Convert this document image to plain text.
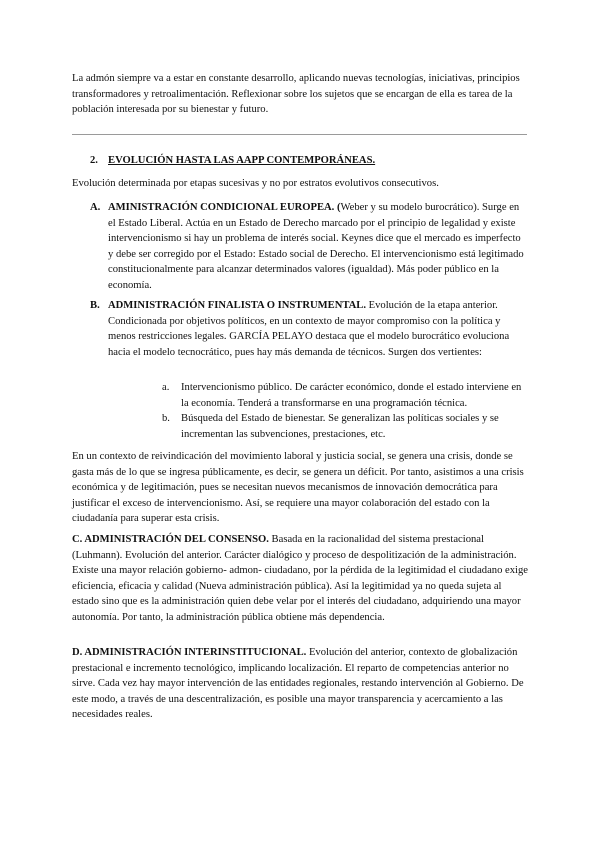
La admón siempre va a estar en constante desarrollo, aplicando nuevas tecnologías, iniciativas, principios transformadores y retroalimentación. Reflexionar sobre los sujetos que se encargan de ella es tarea de la población interesada por su bienestar y futuro.

2. EVOLUCIÓN HASTA LAS AAPP CONTEMPORÁNEAS.

Evolución determinada por etapas sucesivas y no por estratos evolutivos consecutivos.

A. AMINISTRACIÓN CONDICIONAL EUROPEA. (Weber y su modelo burocrático). Surge en el Estado Liberal. Actúa en un Estado de Derecho marcado por el principio de legalidad y existe intervencionismo si hay un problema de interés social. Keynes dice que el mercado es imperfecto y debe ser corregido por el Estado: Estado social de Derecho. El intervencionismo está legitimado constitucionalmente para alcanzar determinados valores (igualdad). Más poder público en la economía.

B. ADMINISTRACIÓN FINALISTA O INSTRUMENTAL. Evolución de la etapa anterior. Condicionada por objetivos políticos, en un contexto de mayor compromiso con la política y menos restricciones legales. GARCÍA PELAYO destaca que el modelo burocrático evoluciona hacia el modelo tecnocrático, pues hay más demanda de técnicos. Surgen dos vertientes:

a. Intervencionismo público. De carácter económico, donde el estado interviene en la economía. Tenderá a transformarse en una programación técnica.

b. Búsqueda del Estado de bienestar. Se generalizan las políticas sociales y se incrementan las subvenciones, prestaciones, etc.

En un contexto de reivindicación del movimiento laboral y justicia social, se genera una crisis, donde se gasta más de lo que se ingresa públicamente, es decir, se genera un déficit. Por tanto, asistimos a una crisis económica y de legitimación, pues se necesitan nuevos mecanismos de innovación democrática para justificar el exceso de intervencionismo. Así, se requiere una mayor colaboración del estado con la ciudadanía para superar esta crisis.

C. ADMINISTRACIÓN DEL CONSENSO. Basada en la racionalidad del sistema prestacional (Luhmann). Evolución del anterior. Carácter dialógico y proceso de despolitización de la administración. Existe una mayor relación gobierno- admon- ciudadano, por la pérdida de la legitimidad el ciudadano exige eficiencia, eficacia y calidad (Nueva administración pública). Así la legitimidad ya no queda sujeta al estado sino que es la administración quien debe velar por el interés del ciudadano, adquiriendo una mayor autonomía. Por tanto, la administración pública obtiene más dependencia.

D. ADMINISTRACIÓN INTERINSTITUCIONAL. Evolución del anterior, contexto de globalización prestacional e incremento tecnológico, implicando localización. El reparto de competencias anterior no sirve. Cada vez hay mayor intervención de las entidades regionales, restando intervención al Gobierno. De este modo, a través de una descentralización, es posible una mayor transparencia y acercamiento a las necesidades reales.
